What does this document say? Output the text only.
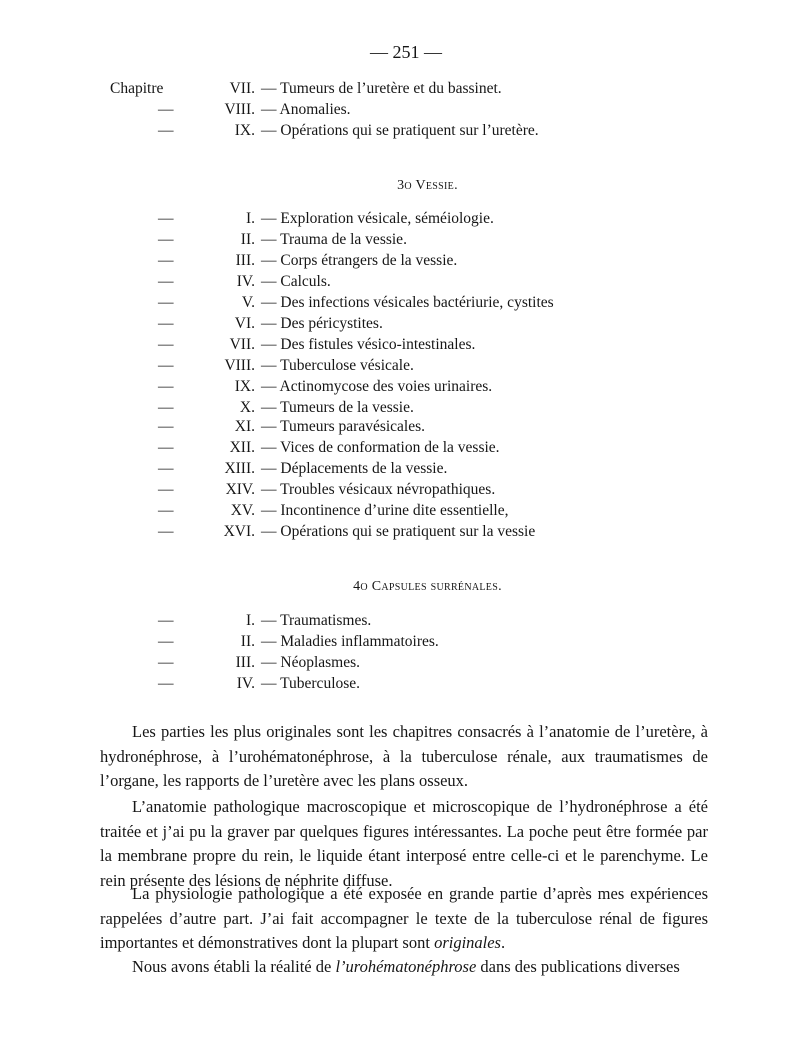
— 251 —
Chapitre	VII. — Tumeurs de l’uretère et du bassinet.
—	VIII. — Anomalies.
—	IX. — Opérations qui se pratiquent sur l’uretère.
3o Vessie.
—	I. — Exploration vésicale, séméiologie.
—	II. — Trauma de la vessie.
—	III. — Corps étrangers de la vessie.
—	IV. — Calculs.
—	V. — Des infections vésicales bactériurie, cystites
—	VI. — Des péricystites.
—	VII. — Des fistules vésico-intestinales.
—	VIII. — Tuberculose vésicale.
—	IX. — Actinomycose des voies urinaires.
—	X. — Tumeurs de la vessie.
—	XI. — Tumeurs paravésicales.
—	XII. — Vices de conformation de la vessie.
—	XIII. — Déplacements de la vessie.
—	XIV. — Troubles vésicaux névropathiques.
—	XV. — Incontinence d’urine dite essentielle,
—	XVI. — Opérations qui se pratiquent sur la vessie
4o Capsules surrénales.
—	I. — Traumatismes.
—	II. — Maladies inflammatoires.
—	III. — Néoplasmes.
—	IV. — Tuberculose.

Les parties les plus originales sont les chapitres consacrés à l’anatomie de l’uretère, à hydronéphrose, à l’urohématonéphrose, à la tuberculose rénale, aux traumatismes de l’organe, les rapports de l’uretère avec les plans osseux.

L’anatomie pathologique macroscopique et microscopique de l’hydronéphrose a été traitée et j’ai pu la graver par quelques figures intéressantes. La poche peut être formée par la membrane propre du rein, le liquide étant interposé entre celle-ci et le parenchyme. Le rein présente des lésions de néphrite diffuse.

La physiologie pathologique a été exposée en grande partie d’après mes expériences rappelées d’autre part. J’ai fait accompagner le texte de la tuberculose rénal de figures importantes et démonstratives dont la plupart sont originales.

Nous avons établi la réalité de l’urohématonéphrose dans des publications diverses
